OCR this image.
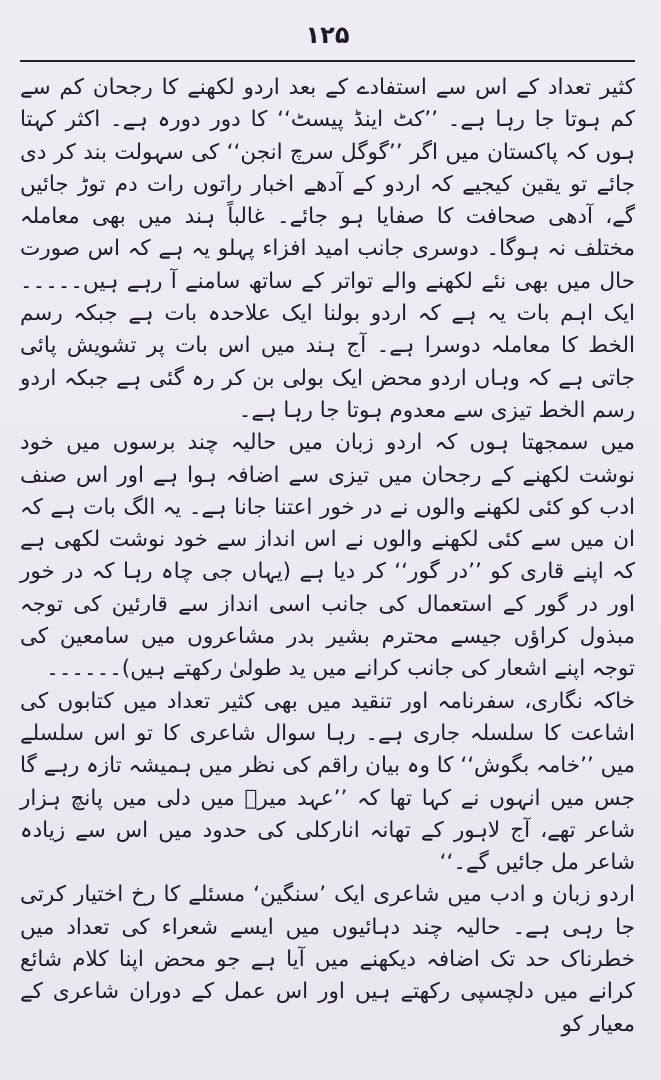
۱۲۵

کثیر تعداد کے اس سے استفادے کے بعد اردو لکھنے کا رجحان کم سے کم ہوتا جا رہا ہے۔ ’’کٹ اینڈ پیسٹ‘‘ کا دور دورہ ہے۔ اکثر کہتا ہوں کہ پاکستان میں اگر ’’گوگل سرچ انجن‘‘ کی سہولت بند کر دی جائے تو یقین کیجیے کہ اردو کے آدھے اخبار راتوں رات دم توڑ جائیں گے، آدھی صحافت کا صفایا ہو جائے۔ غالباً ہند میں بھی معاملہ مختلف نہ ہوگا۔ دوسری جانب امید افزاء پہلو یہ ہے کہ اس صورت حال میں بھی نئے لکھنے والے تواتر کے ساتھ سامنے آ رہے ہیں۔۔۔۔۔ایک اہم بات یہ ہے کہ اردو بولنا ایک علاحدہ بات ہے جبکہ رسم الخط کا معاملہ دوسرا ہے۔ آج ہند میں اس بات پر تشویش پائی جاتی ہے کہ وہاں اردو محض ایک بولی بن کر رہ گئی ہے جبکہ اردو رسم الخط تیزی سے معدوم ہوتا جا رہا ہے۔

میں سمجھتا ہوں کہ اردو زبان میں حالیہ چند برسوں میں خود نوشت لکھنے کے رجحان میں تیزی سے اضافہ ہوا ہے اور اس صنف ادب کو کئی لکھنے والوں نے در خور اعتنا جانا ہے۔ یہ الگ بات ہے کہ ان میں سے کئی لکھنے والوں نے اس انداز سے خود نوشت لکھی ہے کہ اپنے قاری کو ’’در گور‘‘ کر دیا ہے (یہاں جی چاہ رہا کہ در خور اور در گور کے استعمال کی جانب اسی انداز سے قارئین کی توجہ مبذول کراؤں جیسے محترم بشیر بدر مشاعروں میں سامعین کی توجہ اپنے اشعار کی جانب کرانے میں ید طولیٰ رکھتے ہیں)۔۔۔۔۔۔

خاکہ نگاری، سفرنامہ اور تنقید میں بھی کثیر تعداد میں کتابوں کی اشاعت کا سلسلہ جاری ہے۔ رہا سوال شاعری کا تو اس سلسلے میں ’’خامہ بگوش‘‘ کا وہ بیان راقم کی نظر میں ہمیشہ تازہ رہے گا جس میں انہوں نے کہا تھا کہ ’’عہد میرؔ میں دلی میں پانچ ہزار شاعر تھے، آج لاہور کے تھانہ انارکلی کی حدود میں اس سے زیادہ شاعر مل جائیں گے۔‘‘

اردو زبان و ادب میں شاعری ایک ’سنگین‘ مسئلے کا رخ اختیار کرتی جا رہی ہے۔ حالیہ چند دہائیوں میں ایسے شعراء کی تعداد میں خطرناک حد تک اضافہ دیکھنے میں آیا ہے جو محض اپنا کلام شائع کرانے میں دلچسپی رکھتے ہیں اور اس عمل کے دوران شاعری کے معیار کو
